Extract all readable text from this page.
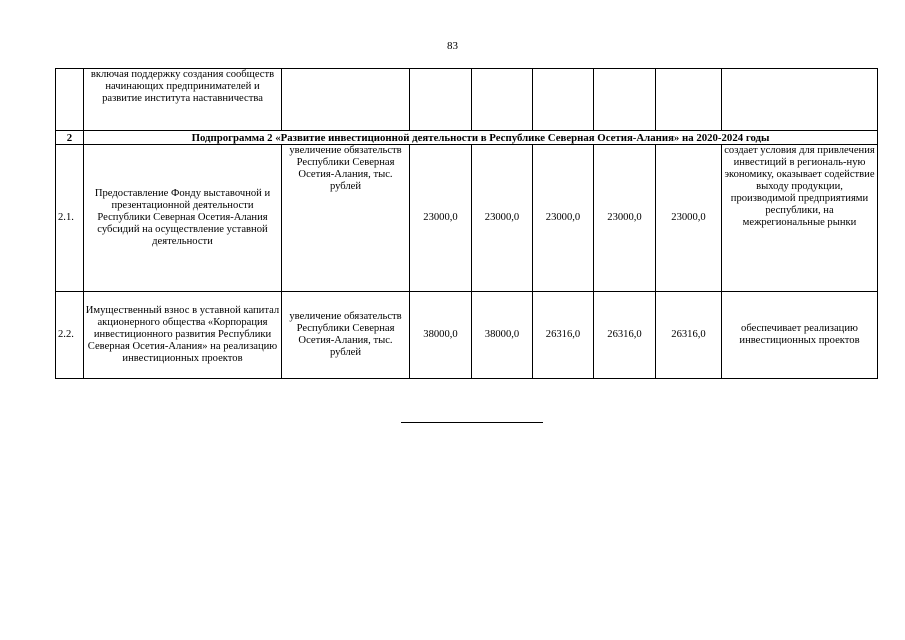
83
	включая поддержку создания сообществ начинающих предпринимателей и развитие института наставничества							
2	Подпрограмма 2 «Развитие инвестиционной деятельности в Республике Северная Осетия-Алания» на 2020-2024 годы							
2.1.	Предоставление Фонду выставочной и презентационной деятельности Республики Северная Осетия-Алания субсидий на осуществление уставной деятельности	увеличение обязательств Республики Северная Осетия-Алания, тыс. рублей	23000,0	23000,0	23000,0	23000,0	23000,0	создает условия для привлечения инвестиций в региональ-ную экономику, оказывает содействие выходу продукции, производимой предприятиями республики, на межрегиональные рынки
2.2.	Имущественный взнос в уставной капитал акционерного общества «Корпорация инвестиционного развития Республики Северная Осетия-Алания» на реализацию инвестиционных проектов	увеличение обязательств Республики Северная Осетия-Алания, тыс. рублей	38000,0	38000,0	26316,0	26316,0	26316,0	обеспечивает реализацию инвестиционных проектов
